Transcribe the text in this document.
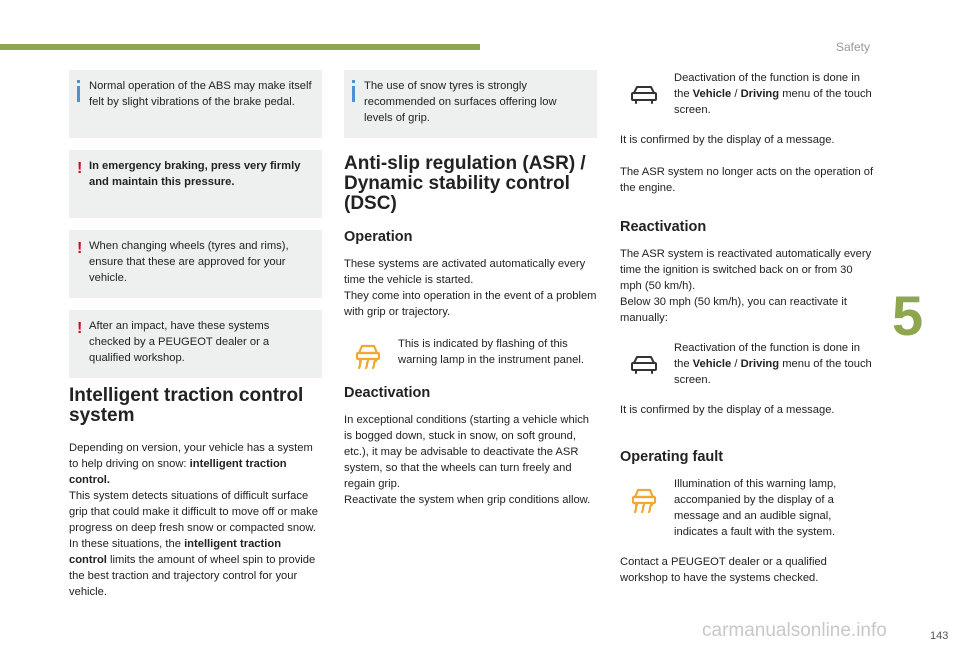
Safety
5

Normal operation of the ABS may make itself felt by slight vibrations of the brake pedal.

! In emergency braking, press very firmly and maintain this pressure.

! When changing wheels (tyres and rims), ensure that these are approved for your vehicle.

! After an impact, have these systems checked by a PEUGEOT dealer or a qualified workshop.

Intelligent traction control system

Depending on version, your vehicle has a system to help driving on snow: intelligent traction control.

This system detects situations of difficult surface grip that could make it difficult to move off or make progress on deep fresh snow or compacted snow.

In these situations, the intelligent traction control limits the amount of wheel spin to provide the best traction and trajectory control for your vehicle.

The use of snow tyres is strongly recommended on surfaces offering low levels of grip.

Anti-slip regulation (ASR) / Dynamic stability control (DSC)
Operation

These systems are activated automatically every time the vehicle is started.

They come into operation in the event of a problem with grip or trajectory.

This is indicated by flashing of this warning lamp in the instrument panel.

Deactivation

In exceptional conditions (starting a vehicle which is bogged down, stuck in snow, on soft ground, etc.), it may be advisable to deactivate the ASR system, so that the wheels can turn freely and regain grip.

Reactivate the system when grip conditions allow.

Deactivation of the function is done in the Vehicle / Driving menu of the touch screen.

It is confirmed by the display of a message.

The ASR system no longer acts on the operation of the engine.

Reactivation

The ASR system is reactivated automatically every time the ignition is switched back on or from 30 mph (50 km/h).

Below 30 mph (50 km/h), you can reactivate it manually:

Reactivation of the function is done in the Vehicle / Driving menu of the touch screen.

It is confirmed by the display of a message.

Operating fault

Illumination of this warning lamp, accompanied by the display of a message and an audible signal, indicates a fault with the system.

Contact a PEUGEOT dealer or a qualified workshop to have the systems checked.

carmanualsonline.info	143
